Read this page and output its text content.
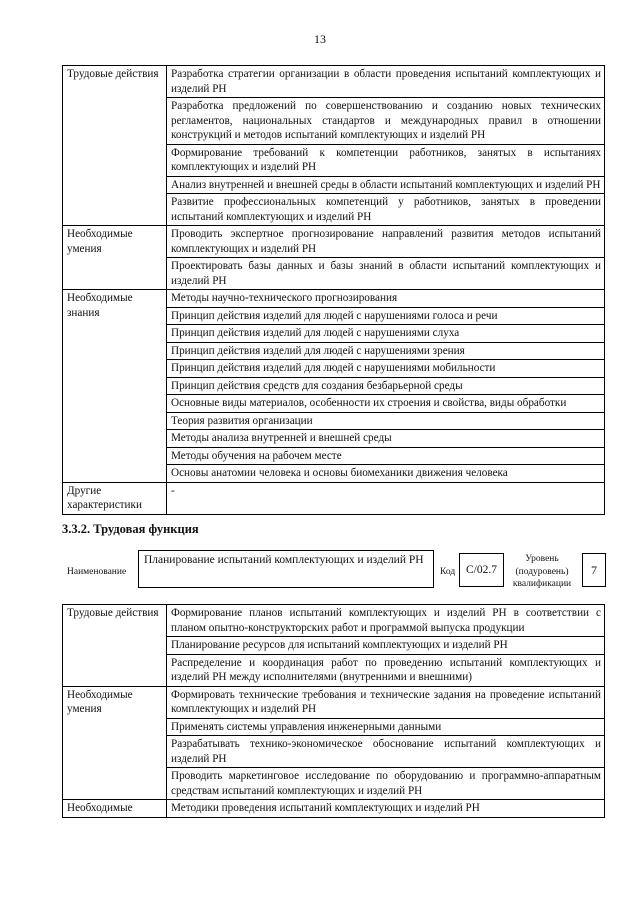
13
Трудовые действия	Разработка стратегии организации в области проведения испытаний комплектующих и изделий РН
	Разработка предложений по совершенствованию и созданию новых технических регламентов, национальных стандартов и международных правил в отношении конструкций и методов испытаний комплектующих и изделий РН
	Формирование требований к компетенции работников, занятых в испытаниях комплектующих и изделий РН
	Анализ внутренней и внешней среды в области испытаний комплектующих и изделий РН
	Развитие профессиональных компетенций у работников, занятых в проведении испытаний комплектующих и изделий РН
Необходимые умения	Проводить экспертное прогнозирование направлений развития методов испытаний комплектующих и изделий РН
	Проектировать базы данных и базы знаний в области испытаний комплектующих и изделий РН
Необходимые знания	Методы научно-технического прогнозирования
	Принцип действия изделий для людей с нарушениями голоса и речи
	Принцип действия изделий для людей с нарушениями слуха
	Принцип действия изделий для людей с нарушениями зрения
	Принцип действия изделий для людей с нарушениями мобильности
	Принцип действия средств для создания безбарьерной среды
	Основные виды материалов, особенности их строения и свойства, виды обработки
	Теория развития организации
	Методы анализа внутренней и внешней среды
	Методы обучения на рабочем месте
	Основы анатомии человека и основы биомеханики движения человека
Другие характеристики	-
3.3.2. Трудовая функция
Наименование
Планирование испытаний комплектующих и изделий РН
Код С/02.7
Уровень (подуровень) квалификации
7
Трудовые действия	Формирование планов испытаний комплектующих и изделий РН в соответствии с планом опытно-конструкторских работ и программой выпуска продукции
	Планирование ресурсов для испытаний комплектующих и изделий РН
	Распределение и координация работ по проведению испытаний комплектующих и изделий РН между исполнителями (внутренними и внешними)
Необходимые умения	Формировать технические требования и технические задания на проведение испытаний комплектующих и изделий РН
	Применять системы управления инженерными данными
	Разрабатывать технико-экономическое обоснование испытаний комплектующих и изделий РН
	Проводить маркетинговое исследование по оборудованию и программно-аппаратным средствам испытаний комплектующих и изделий РН
Необходимые	Методики проведения испытаний комплектующих и изделий РН
